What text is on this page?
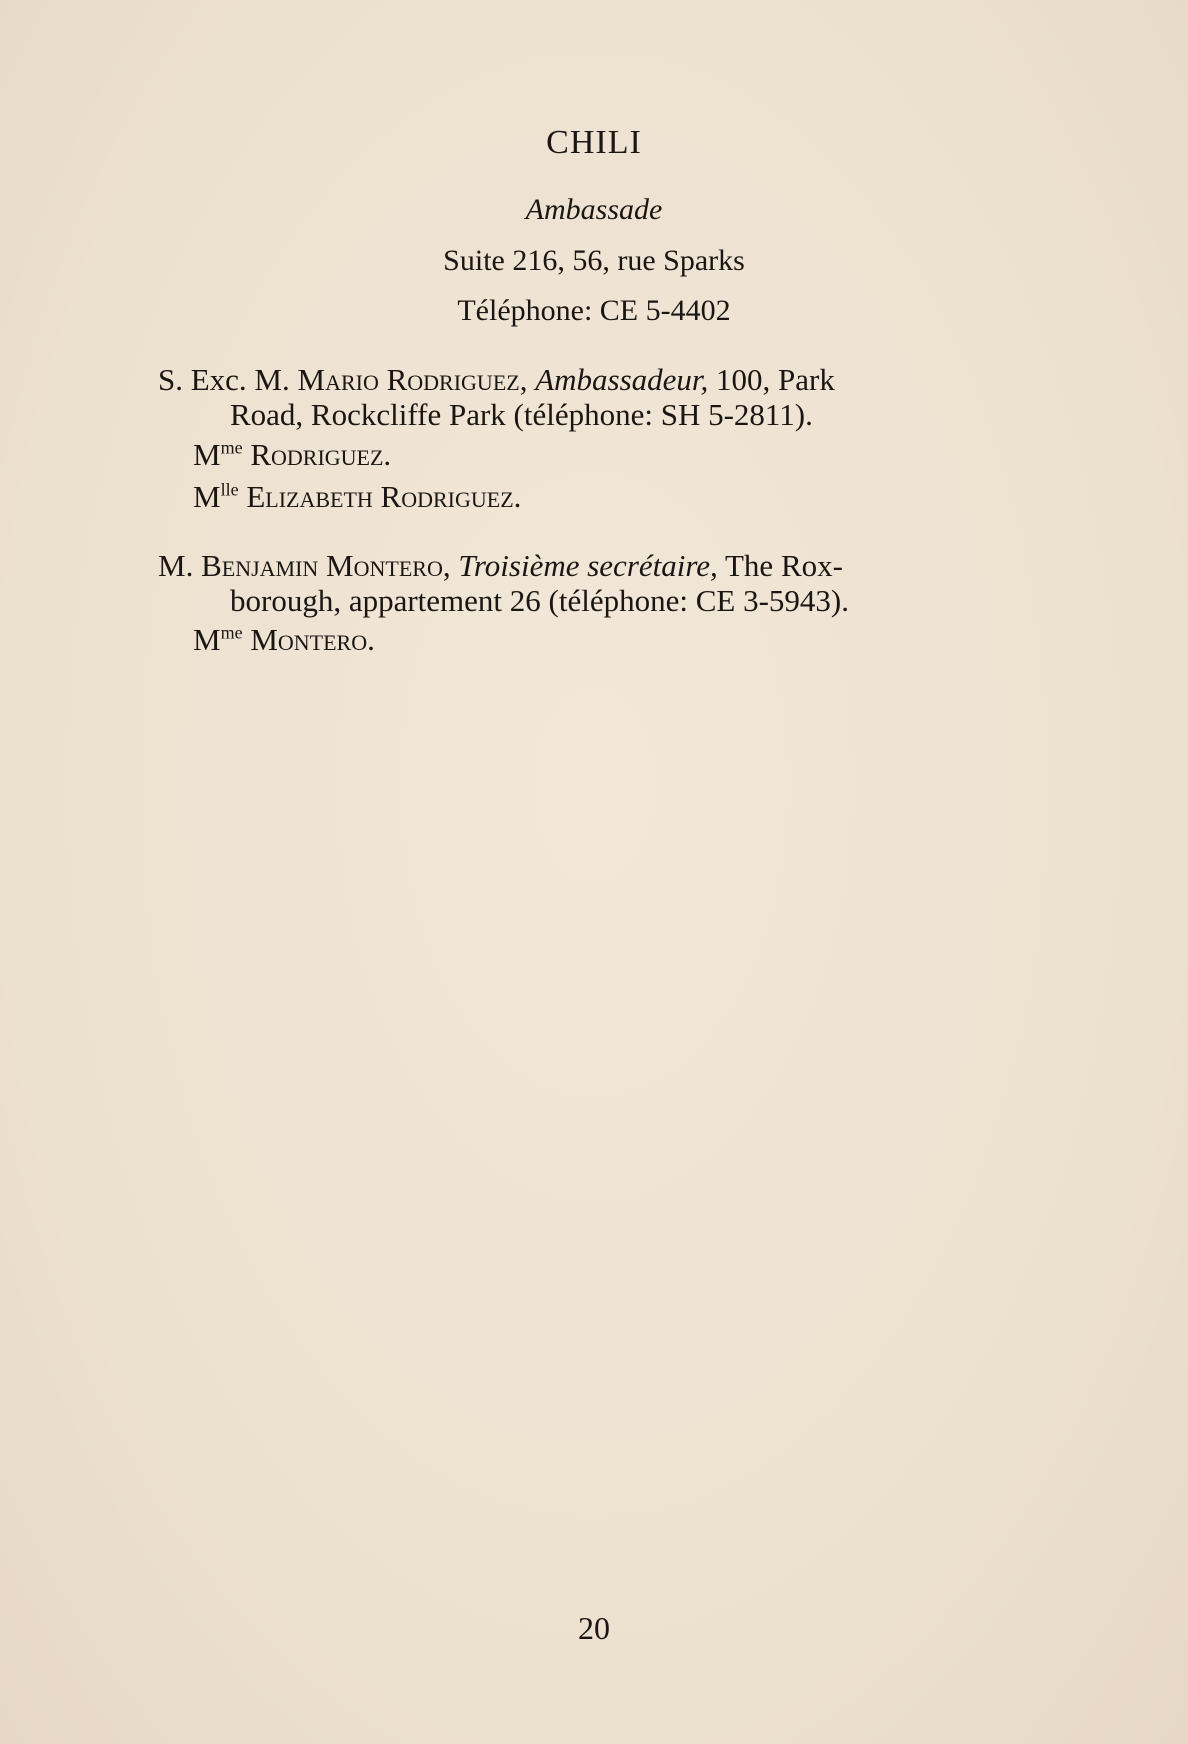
CHILI
Ambassade
Suite 216, 56, rue Sparks
Téléphone: CE 5-4402
S. Exc. M. Mario Rodriguez, Ambassadeur, 100, Park
Road, Rockcliffe Park (téléphone: SH 5-2811).
$M^{me}$ Rodriguez.
$M^{lle}$ Elizabeth Rodriguez.
M. Benjamin Montero, Troisième secrétaire, The Rox-
borough, appartement 26 (téléphone: CE 3-5943).
$M^{me}$ Montero.
20
